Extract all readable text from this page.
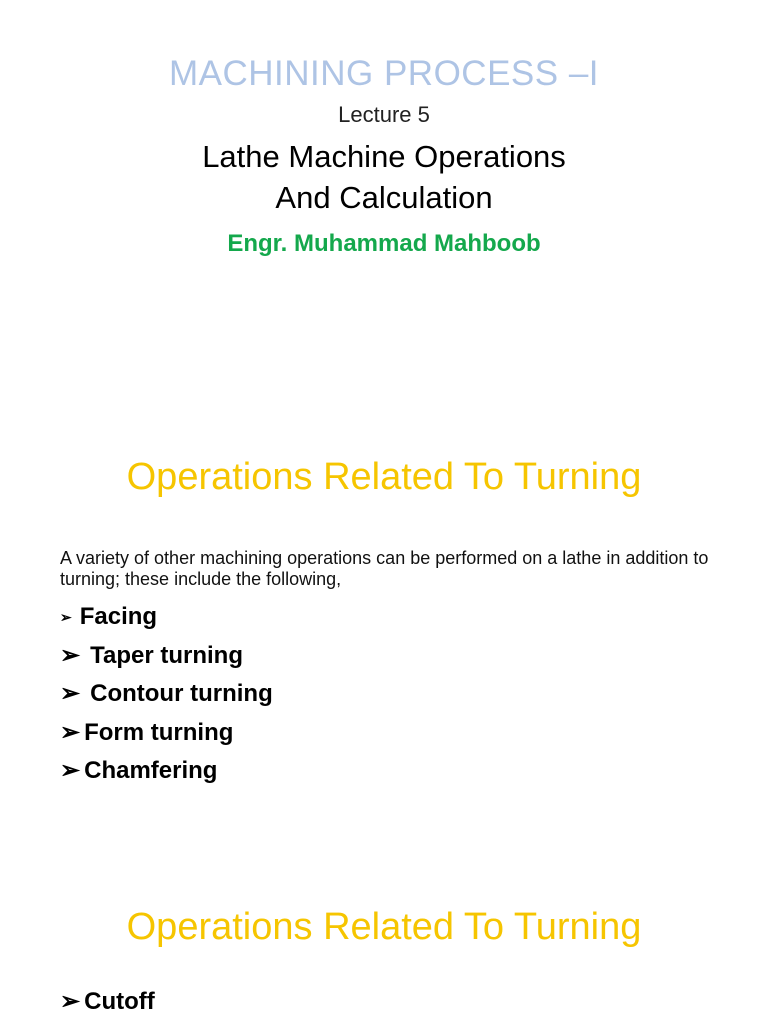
MACHINING PROCESS –I
Lecture 5
Lathe Machine Operations
And Calculation
Engr. Muhammad Mahboob
Operations Related To Turning
A variety of other machining operations can be performed on a lathe in addition to turning; these include the following,
➢ Facing
➢ Taper turning
➢ Contour turning
➢ Form turning
➢ Chamfering
Operations Related To Turning
➢ Cutoff
